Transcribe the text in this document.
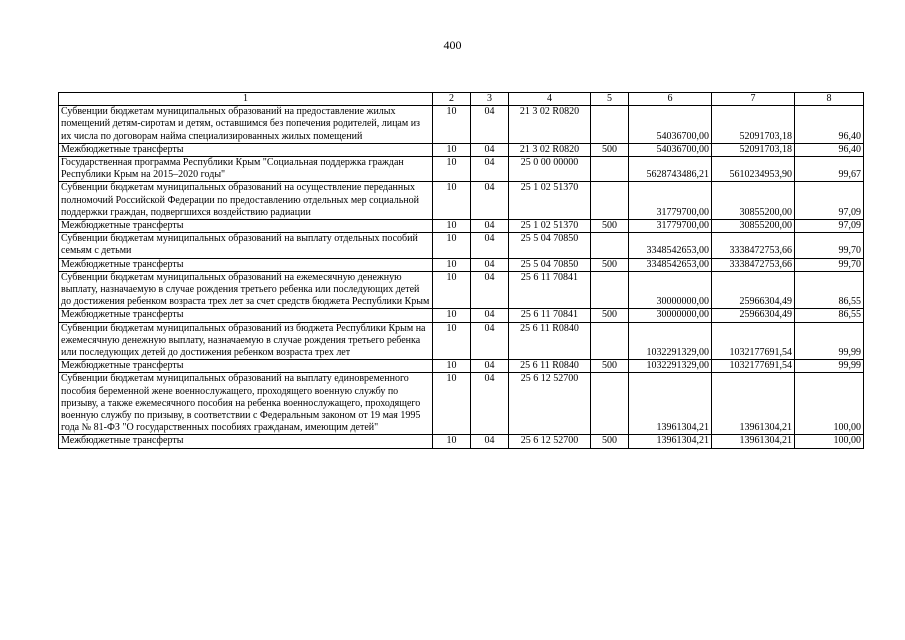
400
1	2	3	4	5	6	7	8
Субвенции бюджетам муниципальных образований на предоставление жилых помещений детям-сиротам и детям, оставшимся без попечения родителей, лицам из их числа по договорам найма специализированных жилых помещений	10	04	21 3 02 R0820		54036700,00	52091703,18	96,40
Межбюджетные трансферты	10	04	21 3 02 R0820	500	54036700,00	52091703,18	96,40
Государственная программа Республики Крым "Социальная поддержка граждан Республики Крым на 2015–2020 годы"	10	04	25 0 00 00000		5628743486,21	5610234953,90	99,67
Субвенции бюджетам муниципальных образований на осуществление переданных полномочий Российской Федерации по предоставлению отдельных мер социальной поддержки граждан, подвергшихся воздействию радиации	10	04	25 1 02 51370		31779700,00	30855200,00	97,09
Межбюджетные трансферты	10	04	25 1 02 51370	500	31779700,00	30855200,00	97,09
Субвенции бюджетам муниципальных образований на выплату отдельных пособий семьям с детьми	10	04	25 5 04 70850		3348542653,00	3338472753,66	99,70
Межбюджетные трансферты	10	04	25 5 04 70850	500	3348542653,00	3338472753,66	99,70
Субвенции бюджетам муниципальных образований на ежемесячную денежную выплату, назначаемую в случае рождения третьего ребенка или последующих детей до достижения ребенком возраста трех лет за счет средств бюджета Республики Крым	10	04	25 6 11 70841		30000000,00	25966304,49	86,55
Межбюджетные трансферты	10	04	25 6 11 70841	500	30000000,00	25966304,49	86,55
Субвенции бюджетам муниципальных образований из бюджета Республики Крым на ежемесячную денежную выплату, назначаемую в случае рождения третьего ребенка или последующих детей до достижения ребенком возраста трех лет	10	04	25 6 11 R0840		1032291329,00	1032177691,54	99,99
Межбюджетные трансферты	10	04	25 6 11 R0840	500	1032291329,00	1032177691,54	99,99
Субвенции бюджетам муниципальных образований на выплату единовременного пособия беременной жене военнослужащего, проходящего военную службу по призыву, а также ежемесячного пособия на ребенка военнослужащего, проходящего военную службу по призыву, в соответствии с Федеральным законом от 19 мая 1995 года № 81-ФЗ "О государственных пособиях гражданам, имеющим детей"	10	04	25 6 12 52700		13961304,21	13961304,21	100,00
Межбюджетные трансферты	10	04	25 6 12 52700	500	13961304,21	13961304,21	100,00
